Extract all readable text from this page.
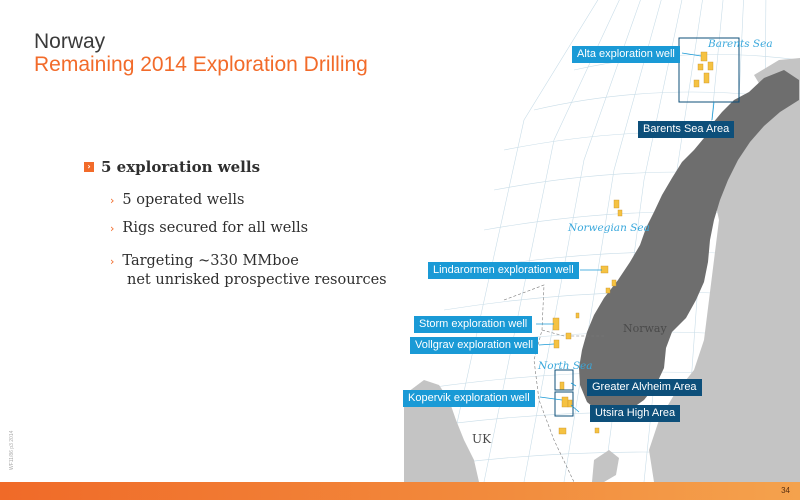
Norway
Remaining 2014 Exploration Drilling
› 5 exploration wells
› 5 operated wells
› Rigs secured for all wells
› Targeting ~330 MMboe
net unrisked prospective resources
Barents Sea
Norwegian Sea
North Sea
Norway
UK
Alta exploration well
Barents Sea Area
Lindarormen exploration well
Storm exploration well
Vollgrav exploration well
Greater Alvheim Area
Kopervik exploration well
Utsira High Area
WF11/86 p3 2014
34
